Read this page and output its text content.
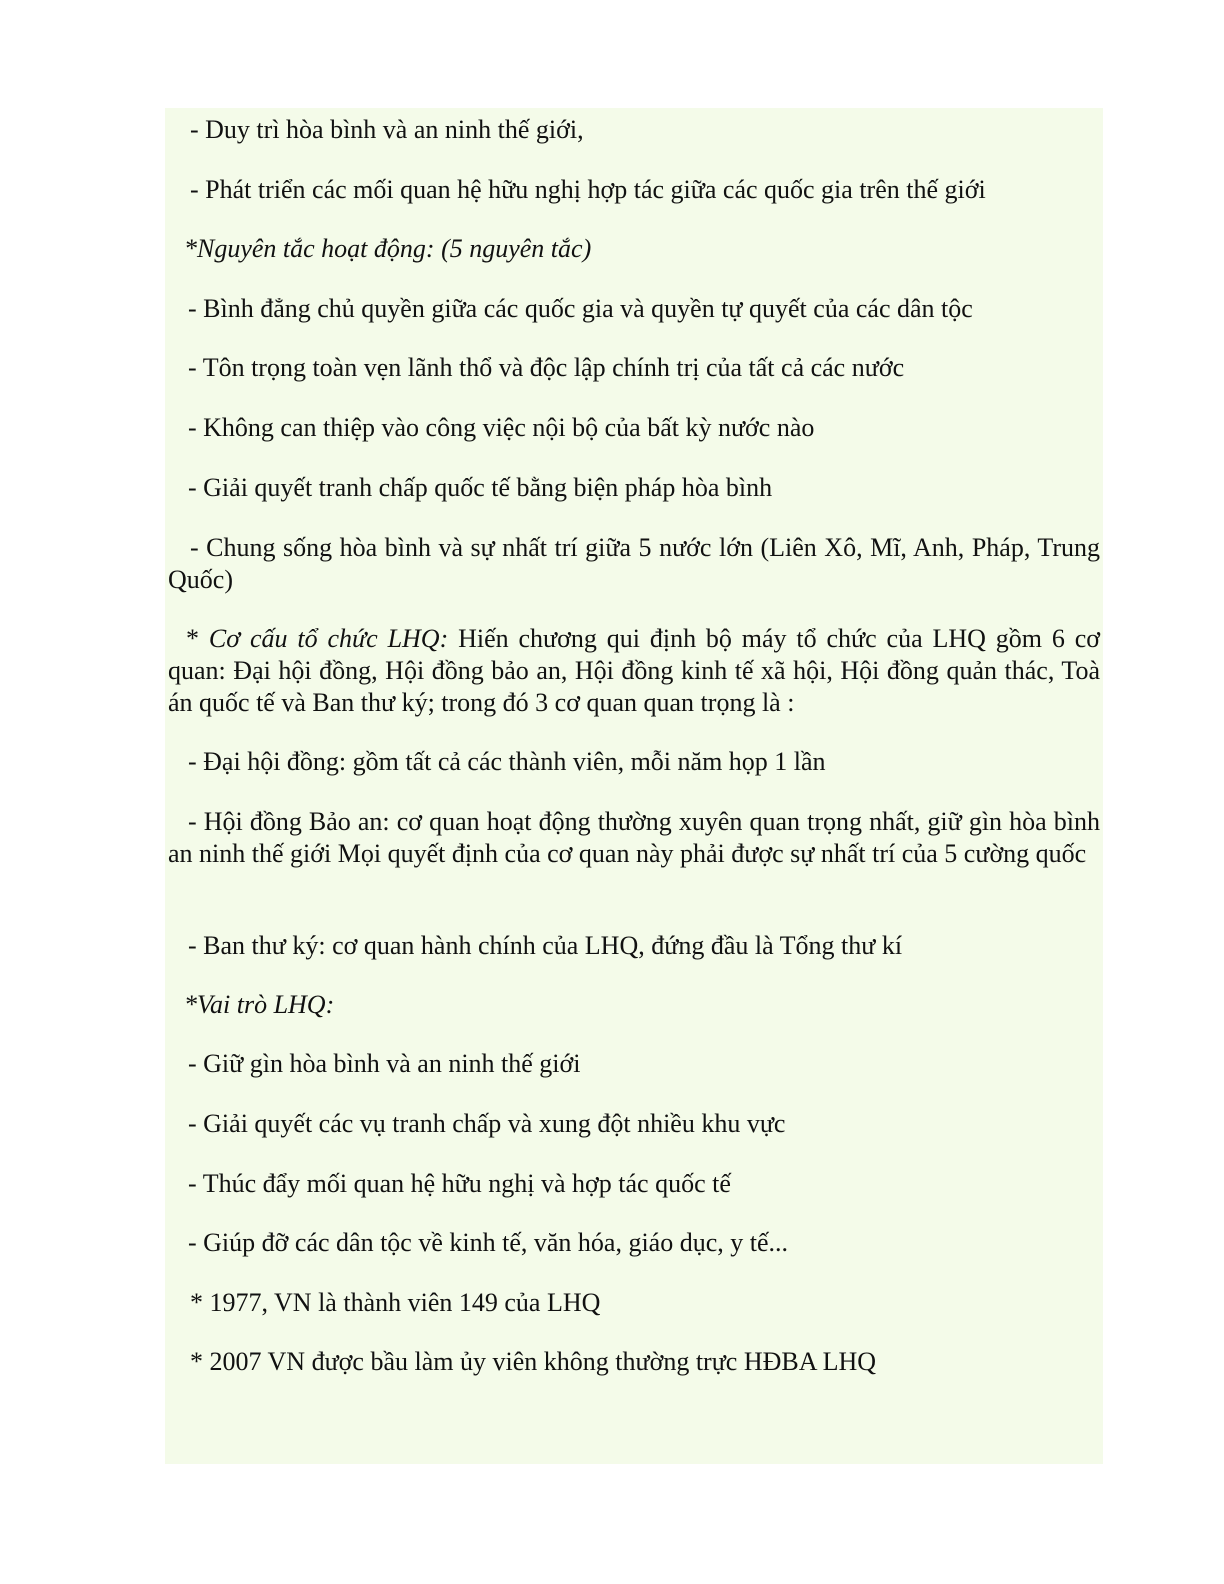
- Duy trì hòa bình và an ninh thế giới,
- Phát triển các mối quan hệ hữu nghị hợp tác giữa các quốc gia trên thế giới
*Nguyên tắc hoạt động: (5 nguyên tắc)
- Bình đẳng chủ quyền giữa các quốc gia và quyền tự quyết của các dân tộc
- Tôn trọng toàn vẹn lãnh thổ và độc lập chính trị của tất cả các nước
- Không can thiệp vào công việc nội bộ của bất kỳ nước nào
- Giải quyết tranh chấp quốc tế bằng biện pháp hòa bình
- Chung sống hòa bình và sự nhất trí giữa 5 nước lớn (Liên Xô, Mĩ, Anh, Pháp, Trung Quốc)
* Cơ cấu tổ chức LHQ: Hiến chương qui định bộ máy tổ chức của LHQ gồm 6 cơ quan: Đại hội đồng, Hội đồng bảo an, Hội đồng kinh tế xã hội, Hội đồng quản thác, Toà án quốc tế và Ban thư ký; trong đó 3 cơ quan quan trọng là :
- Đại hội đồng: gồm tất cả các thành viên, mỗi năm họp 1 lần
- Hội đồng Bảo an: cơ quan hoạt động thường xuyên quan trọng nhất, giữ gìn hòa bình an ninh thế giới Mọi quyết định của cơ quan này phải được sự nhất trí của 5 cường quốc
- Ban thư ký: cơ quan hành chính của LHQ, đứng đầu là Tổng thư kí
*Vai trò LHQ:
- Giữ gìn hòa bình và an ninh thế giới
- Giải quyết các vụ tranh chấp và xung đột nhiều khu vực
- Thúc đẩy mối quan hệ hữu nghị và hợp tác quốc tế
- Giúp đỡ các dân tộc về kinh tế, văn hóa, giáo dục, y tế...
* 1977, VN là thành viên 149 của LHQ
* 2007 VN được bầu làm ủy viên không thường trực HĐBA LHQ
